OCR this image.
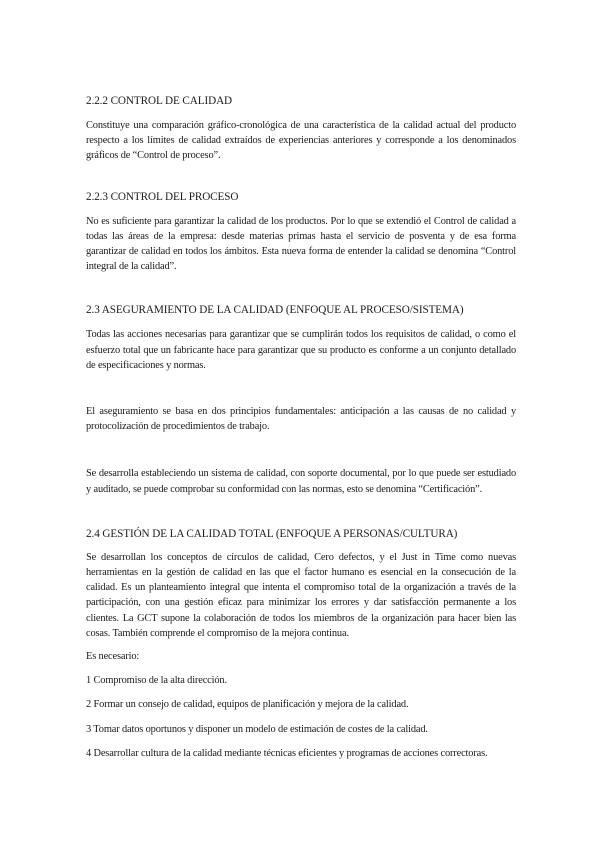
2.2.2 CONTROL DE CALIDAD

Constituye una comparación gráfico-cronológica de una característica de la calidad actual del producto respecto a los límites de calidad extraídos de experiencias anteriores y corresponde a los denominados gráficos de “Control de proceso”.

2.2.3 CONTROL DEL PROCESO

No es suficiente para garantizar la calidad de los productos. Por lo que se extendió el Control de calidad a todas las áreas de la empresa: desde materias primas hasta el servicio de posventa y de esa forma garantizar de calidad en todos los ámbitos. Esta nueva forma de entender la calidad se denomina “Control integral de la calidad”.

2.3 ASEGURAMIENTO DE LA CALIDAD (ENFOQUE AL PROCESO/SISTEMA)

Todas las acciones necesarias para garantizar que se cumplirán todos los requisitos de calidad, o como el esfuerzo total que un fabricante hace para garantizar que su producto es conforme a un conjunto detallado de especificaciones y normas.

El aseguramiento se basa en dos principios fundamentales: anticipación a las causas de no calidad y protocolización de procedimientos de trabajo.

Se desarrolla estableciendo un sistema de calidad, con soporte documental, por lo que puede ser estudiado y auditado, se puede comprobar su conformidad con las normas, esto se denomina “Certificación”.

2.4 GESTIÓN DE LA CALIDAD TOTAL (ENFOQUE A PERSONAS/CULTURA)

Se desarrollan los conceptos de círculos de calidad, Cero defectos, y el Just in Time como nuevas herramientas en la gestión de calidad en las que el factor humano es esencial en la consecución de la calidad. Es un planteamiento integral que intenta el compromiso total de la organización a través de la participación, con una gestión eficaz para minimizar los errores y dar satisfacción permanente a los clientes. La GCT supone la colaboración de todos los miembros de la organización para hacer bien las cosas. También comprende el compromiso de la mejora continua.

Es necesario:

1 Compromiso de la alta dirección.

2 Formar un consejo de calidad, equipos de planificación y mejora de la calidad.

3 Tomar datos oportunos y disponer un modelo de estimación de costes de la calidad.

4 Desarrollar cultura de la calidad mediante técnicas eficientes y programas de acciones correctoras.
